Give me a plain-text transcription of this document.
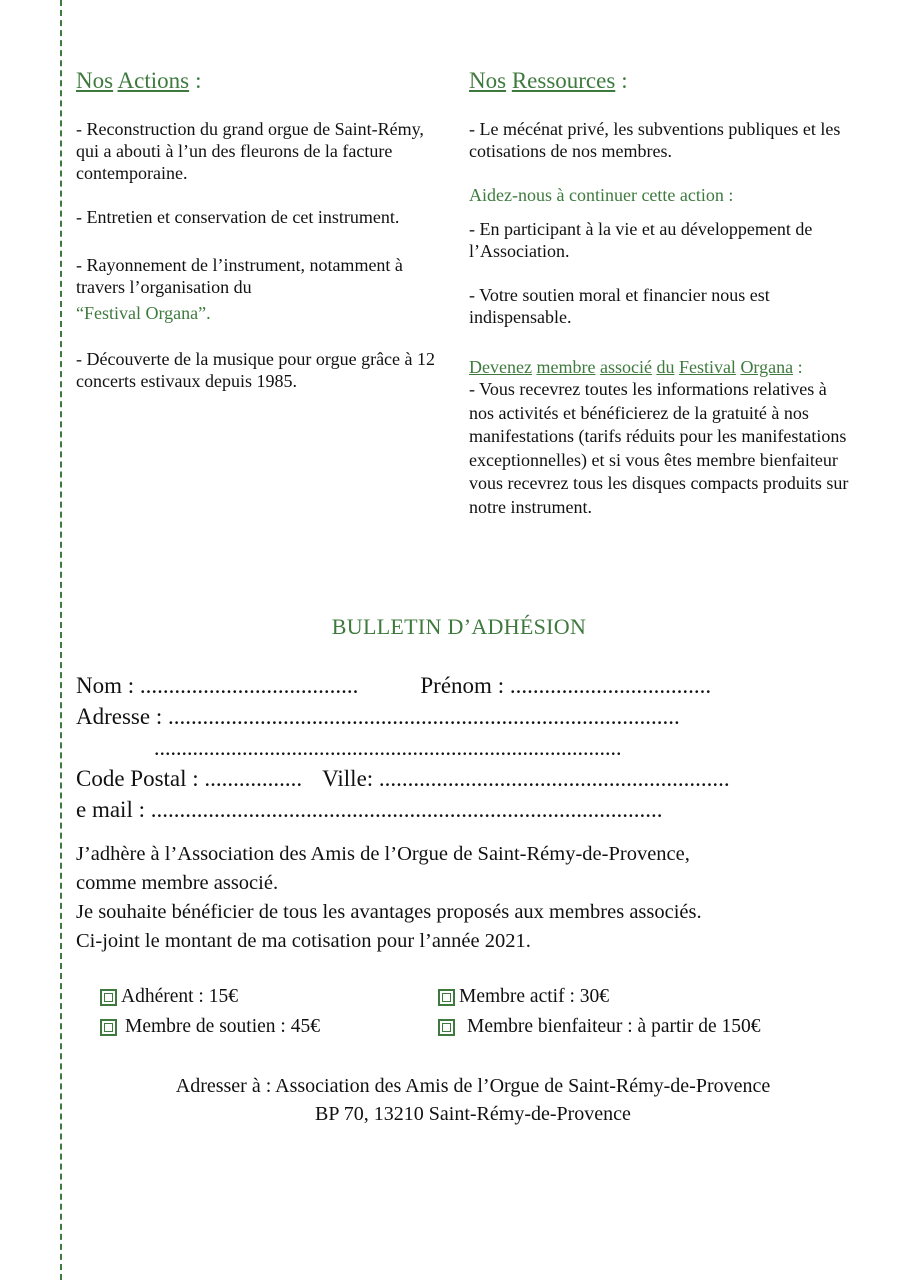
Nos Actions :

- Reconstruction du grand orgue de Saint-Rémy, qui a abouti à l’un des fleurons de la facture contemporaine.

- Entretien et conservation de cet instrument.

- Rayonnement de l’instrument, notamment à travers l’organisation du

“Festival Organa”.

- Découverte de la musique pour orgue grâce à 12 concerts estivaux depuis 1985.

Nos Ressources :

- Le mécénat privé, les subventions publiques et les cotisations de nos membres.

Aidez-nous à continuer cette action :

- En participant à la vie et au développement de l’Association.

- Votre soutien moral et financier nous est indispensable.

Devenez membre associé du Festival Organa :

- Vous recevrez toutes les informations relatives à nos activités et bénéficierez de la gratuité à nos manifestations (tarifs réduits pour les manifestations exceptionnelles) et si vous êtes membre bienfaiteur vous recevrez tous les disques compacts produits sur notre instrument.

BULLETIN D’ADHÉSION
Nom : ......................................	Prénom : ...................................
Adresse : .........................................................................................
.....................................................................................
Code Postal : ................. Ville: .............................................................
e mail : .........................................................................................
J’adhère à l’Association des Amis de l’Orgue de Saint-Rémy-de-Provence,
comme membre associé.
Je souhaite bénéficier de tous les avantages proposés aux membres associés.
Ci-joint le montant de ma cotisation pour l’année 2021.
Adhérent : 15€	Membre actif : 30€
Membre de soutien : 45€	Membre bienfaiteur : à partir de 150€
Adresser à : Association des Amis de l’Orgue de Saint-Rémy-de-Provence
BP 70, 13210 Saint-Rémy-de-Provence
